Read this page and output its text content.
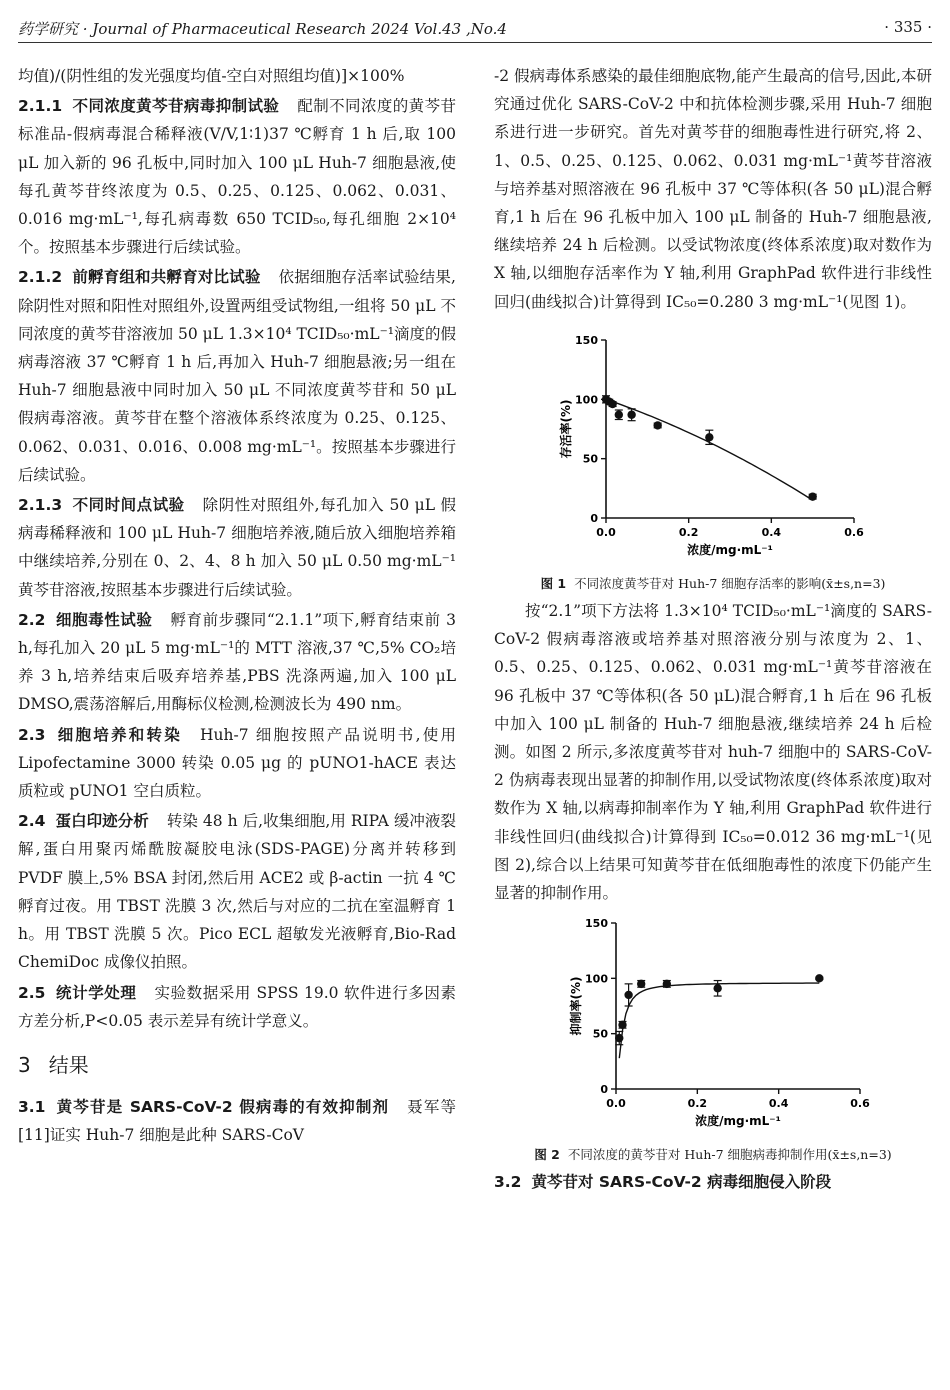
药学研究 · Journal of Pharmaceutical Research 2024 Vol.43 ,No.4	· 335 ·

均值)/(阴性组的发光强度均值-空白对照组均值)]×100%

2.1.1 不同浓度黄芩苷病毒抑制试验 配制不同浓度的黄芩苷标准品-假病毒混合稀释液(V/V,1∶1)37 ℃孵育 1 h 后,取 100 μL 加入新的 96 孔板中,同时加入 100 μL Huh-7 细胞悬液,使每孔黄芩苷终浓度为 0.5、0.25、0.125、0.062、0.031、0.016 mg·mL⁻¹,每孔病毒数 650 TCID₅₀,每孔细胞 2×10⁴ 个。按照基本步骤进行后续试验。

2.1.2 前孵育组和共孵育对比试验 依据细胞存活率试验结果,除阴性对照和阳性对照组外,设置两组受试物组,一组将 50 μL 不同浓度的黄芩苷溶液加 50 μL 1.3×10⁴ TCID₅₀·mL⁻¹滴度的假病毒溶液 37 ℃孵育 1 h 后,再加入 Huh-7 细胞悬液;另一组在 Huh-7 细胞悬液中同时加入 50 μL 不同浓度黄芩苷和 50 μL 假病毒溶液。黄芩苷在整个溶液体系终浓度为 0.25、0.125、0.062、0.031、0.016、0.008 mg·mL⁻¹。按照基本步骤进行后续试验。

2.1.3 不同时间点试验 除阴性对照组外,每孔加入 50 μL 假病毒稀释液和 100 μL Huh-7 细胞培养液,随后放入细胞培养箱中继续培养,分别在 0、2、4、8 h 加入 50 μL 0.50 mg·mL⁻¹黄芩苷溶液,按照基本步骤进行后续试验。

2.2 细胞毒性试验 孵育前步骤同“2.1.1”项下,孵育结束前 3 h,每孔加入 20 μL 5 mg·mL⁻¹的 MTT 溶液,37 ℃,5% CO₂培养 3 h,培养结束后吸弃培养基,PBS 洗涤两遍,加入 100 μL DMSO,震荡溶解后,用酶标仪检测,检测波长为 490 nm。

2.3 细胞培养和转染 Huh-7 细胞按照产品说明书,使用 Lipofectamine 3000 转染 0.05 μg 的 pUNO1-hACE 表达质粒或 pUNO1 空白质粒。

2.4 蛋白印迹分析 转染 48 h 后,收集细胞,用 RIPA 缓冲液裂解,蛋白用聚丙烯酰胺凝胶电泳(SDS-PAGE)分离并转移到 PVDF 膜上,5% BSA 封闭,然后用 ACE2 或 β-actin 一抗 4 ℃孵育过夜。用 TBST 洗膜 3 次,然后与对应的二抗在室温孵育 1 h。用 TBST 洗膜 5 次。Pico ECL 超敏发光液孵育,Bio-Rad ChemiDoc 成像仪拍照。

2.5 统计学处理 实验数据采用 SPSS 19.0 软件进行多因素方差分析,P<0.05 表示差异有统计学意义。

3 结果

3.1 黄芩苷是 SARS-CoV-2 假病毒的有效抑制剂 聂军等[11]证实 Huh-7 细胞是此种 SARS-CoV

-2 假病毒体系感染的最佳细胞底物,能产生最高的信号,因此,本研究通过优化 SARS-CoV-2 中和抗体检测步骤,采用 Huh-7 细胞系进行进一步研究。首先对黄芩苷的细胞毒性进行研究,将 2、1、0.5、0.25、0.125、0.062、0.031 mg·mL⁻¹黄芩苷溶液与培养基对照溶液在 96 孔板中 37 ℃等体积(各 50 μL)混合孵育,1 h 后在 96 孔板中加入 100 μL 制备的 Huh-7 细胞悬液,继续培养 24 h 后检测。以受试物浓度(终体系浓度)取对数作为 X 轴,以细胞存活率作为 Y 轴,利用 GraphPad 软件进行非线性回归(曲线拟合)计算得到 IC₅₀=0.280 3 mg·mL⁻¹(见图 1)。

0
50
100
150
0.0	0.2	0.4	0.6
浓度/mg·mL⁻¹
存活率(%)
图 1 不同浓度黄芩苷对 Huh-7 细胞存活率的影响(x̄±s,n=3)

按“2.1”项下方法将 1.3×10⁴ TCID₅₀·mL⁻¹滴度的 SARS-CoV-2 假病毒溶液或培养基对照溶液分别与浓度为 2、1、0.5、0.25、0.125、0.062、0.031 mg·mL⁻¹黄芩苷溶液在 96 孔板中 37 ℃等体积(各 50 μL)混合孵育,1 h 后在 96 孔板中加入 100 μL 制备的 Huh-7 细胞悬液,继续培养 24 h 后检测。如图 2 所示,多浓度黄芩苷对 huh-7 细胞中的 SARS-CoV-2 伪病毒表现出显著的抑制作用,以受试物浓度(终体系浓度)取对数作为 X 轴,以病毒抑制率作为 Y 轴,利用 GraphPad 软件进行非线性回归(曲线拟合)计算得到 IC₅₀=0.012 36 mg·mL⁻¹(见图 2),综合以上结果可知黄芩苷在低细胞毒性的浓度下仍能产生显著的抑制作用。

0
50
100
150
0.0	0.2	0.4	0.6
浓度/mg·mL⁻¹
抑制率(%)
图 2 不同浓度的黄芩苷对 Huh-7 细胞病毒抑制作用(x̄±s,n=3)

3.2 黄芩苷对 SARS-CoV-2 病毒细胞侵入阶段
